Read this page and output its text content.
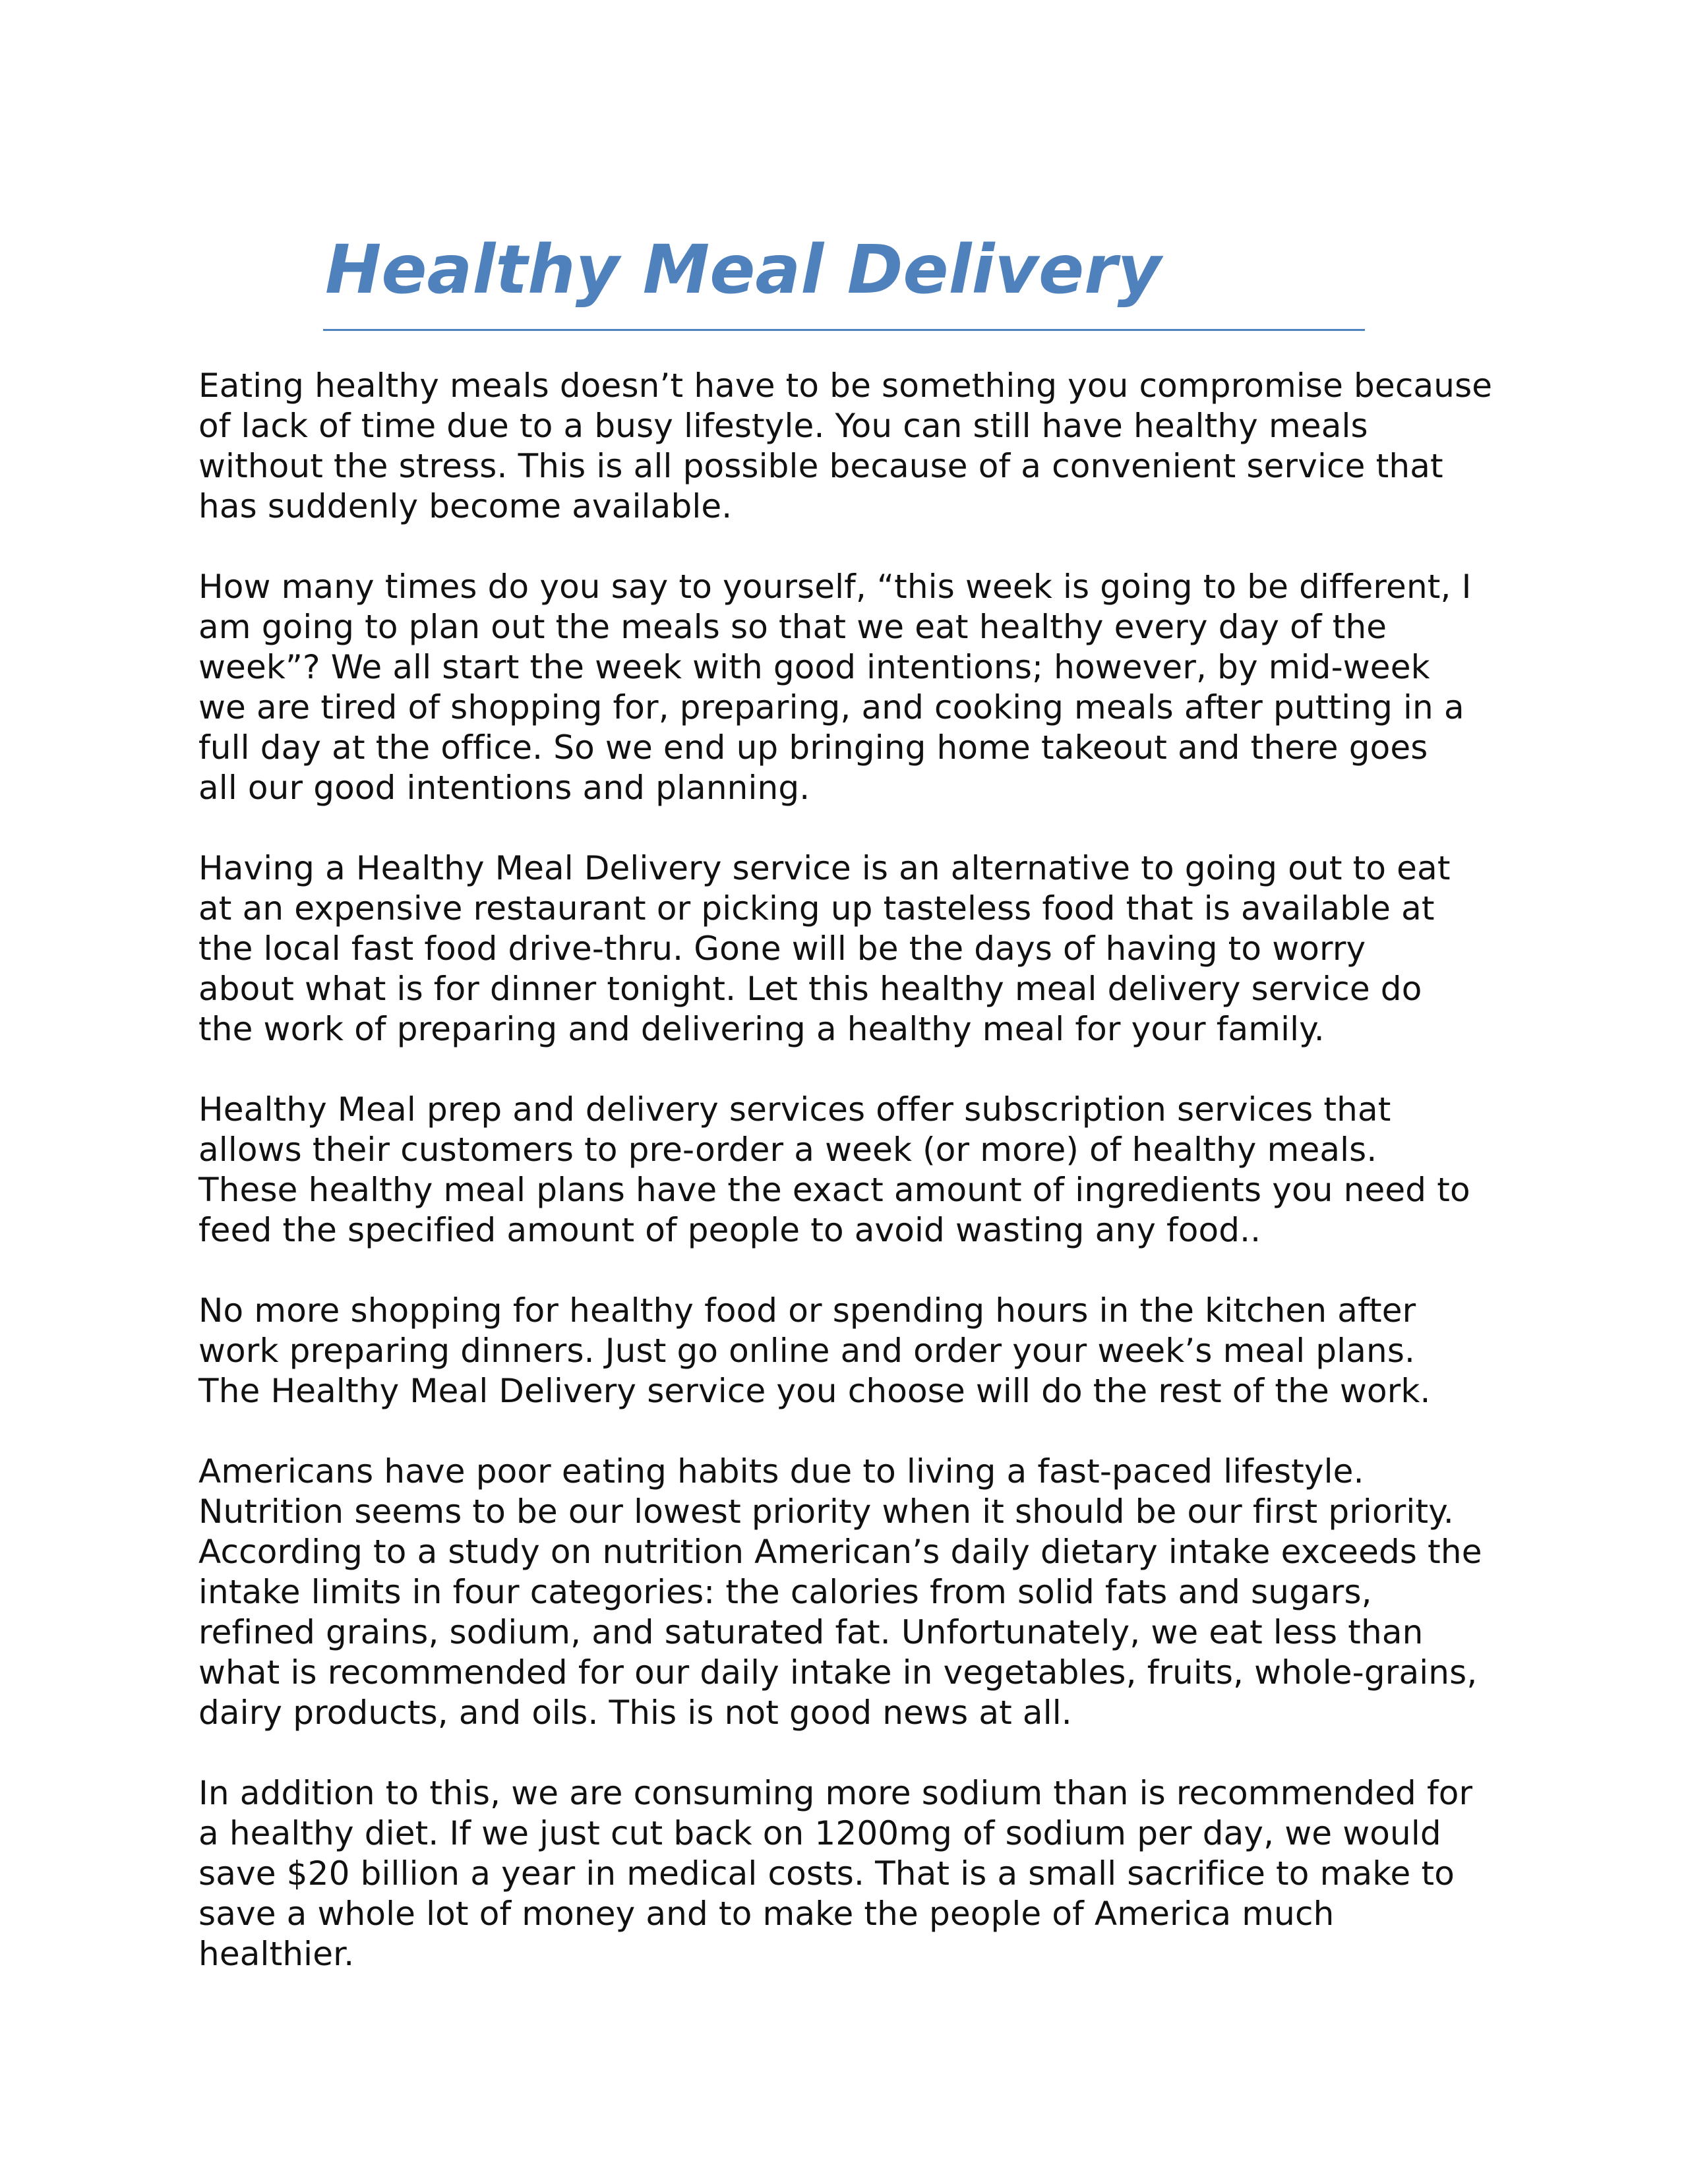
Healthy Meal Delivery

Eating healthy meals doesn’t have to be something you compromise because
of lack of time due to a busy lifestyle. You can still have healthy meals
without the stress. This is all possible because of a convenient service that
has suddenly become available.

How many times do you say to yourself, “this week is going to be different, I
am going to plan out the meals so that we eat healthy every day of the
week”? We all start the week with good intentions; however, by mid-week
we are tired of shopping for, preparing, and cooking meals after putting in a
full day at the office. So we end up bringing home takeout and there goes
all our good intentions and planning.

Having a Healthy Meal Delivery service is an alternative to going out to eat
at an expensive restaurant or picking up tasteless food that is available at
the local fast food drive-thru. Gone will be the days of having to worry
about what is for dinner tonight. Let this healthy meal delivery service do
the work of preparing and delivering a healthy meal for your family.

Healthy Meal prep and delivery services offer subscription services that
allows their customers to pre-order a week (or more) of healthy meals.
These healthy meal plans have the exact amount of ingredients you need to
feed the specified amount of people to avoid wasting any food..

No more shopping for healthy food or spending hours in the kitchen after
work preparing dinners. Just go online and order your week’s meal plans.
The Healthy Meal Delivery service you choose will do the rest of the work.

Americans have poor eating habits due to living a fast-paced lifestyle.
Nutrition seems to be our lowest priority when it should be our first priority.
According to a study on nutrition American’s daily dietary intake exceeds the
intake limits in four categories: the calories from solid fats and sugars,
refined grains, sodium, and saturated fat. Unfortunately, we eat less than
what is recommended for our daily intake in vegetables, fruits, whole-grains,
dairy products, and oils. This is not good news at all.

In addition to this, we are consuming more sodium than is recommended for
a healthy diet. If we just cut back on 1200mg of sodium per day, we would
save $20 billion a year in medical costs. That is a small sacrifice to make to
save a whole lot of money and to make the people of America much
healthier.
